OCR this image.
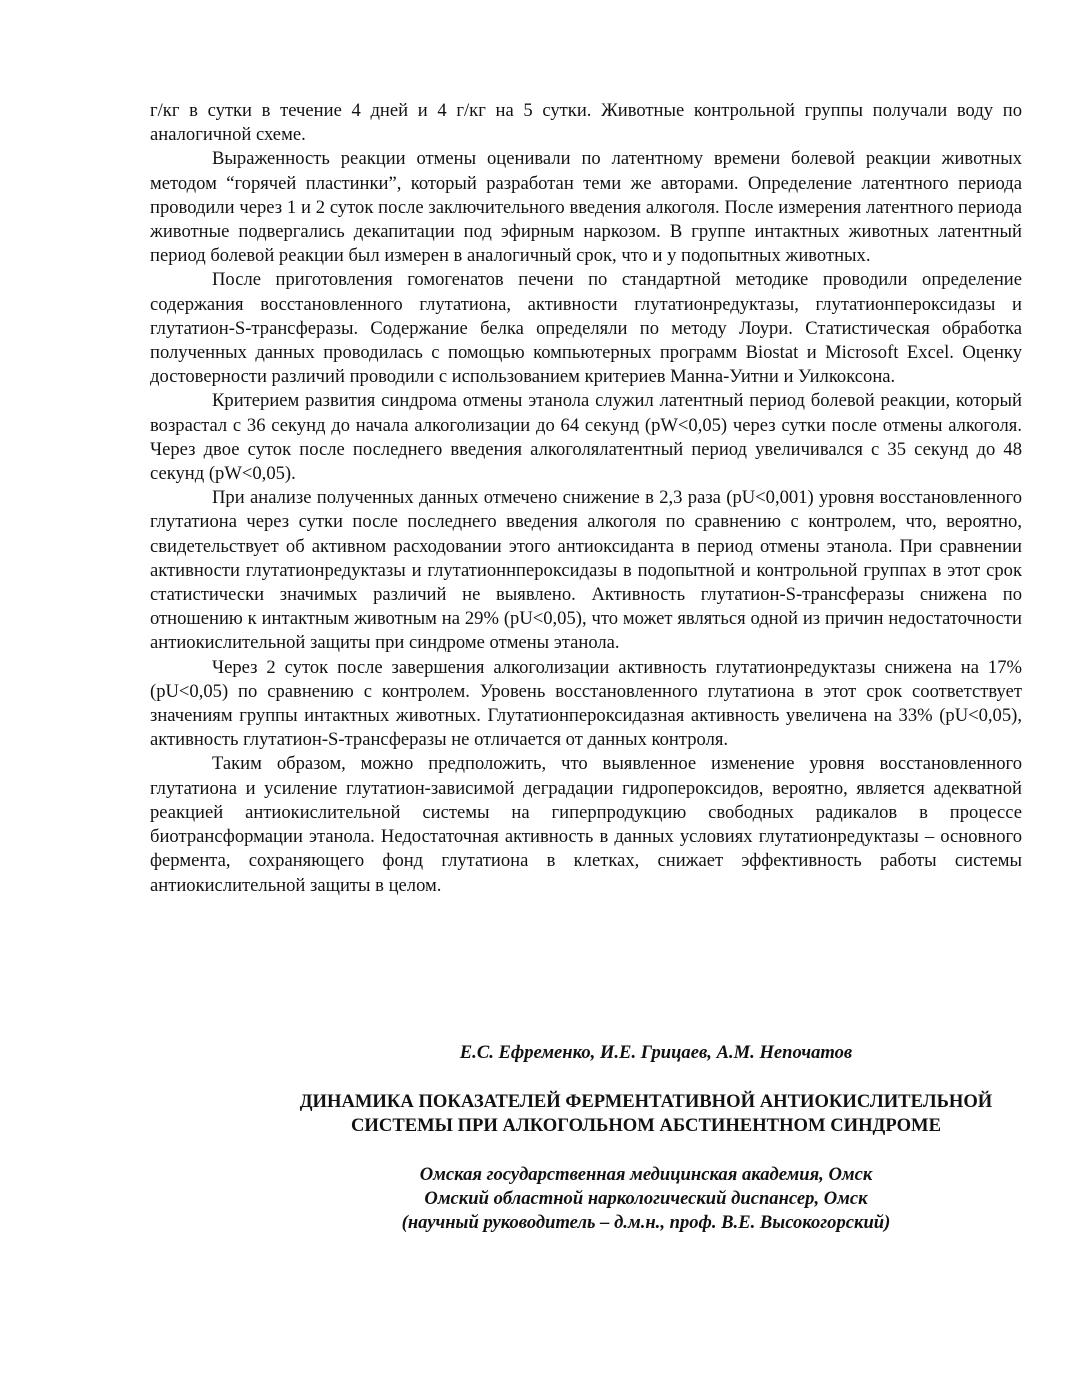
г/кг в сутки в течение 4 дней и 4 г/кг на 5 сутки. Животные контрольной группы получали воду по аналогичной схеме.

Выраженность реакции отмены оценивали по латентному времени болевой реакции животных методом “горячей пластинки”, который разработан теми же авторами. Определение латентного периода проводили через 1 и 2 суток после заключительного введения алкоголя. После измерения латентного периода животные подвергались декапитации под эфирным наркозом. В группе интактных животных латентный период болевой реакции был измерен в аналогичный срок, что и у подопытных животных.

После приготовления гомогенатов печени по стандартной методике проводили определение содержания восстановленного глутатиона, активности глутатионредуктазы, глутатионпероксидазы и глутатион-S-трансферазы. Содержание белка определяли по методу Лоури. Статистическая обработка полученных данных проводилась с помощью компьютерных программ Biostat и Microsoft Excel. Оценку достоверности различий проводили с использованием критериев Манна-Уитни и Уилкоксона.

Критерием развития синдрома отмены этанола служил латентный период болевой реакции, который возрастал с 36 секунд до начала алкоголизации до 64 секунд (pW<0,05) через сутки после отмены алкоголя. Через двое суток после последнего введения алкоголялатентный период увеличивался с 35 секунд до 48 секунд (pW<0,05).

При анализе полученных данных отмечено снижение в 2,3 раза (pU<0,001) уровня восстановленного глутатиона через сутки после последнего введения алкоголя по сравнению с контролем, что, вероятно, свидетельствует об активном расходовании этого антиоксиданта в период отмены этанола. При сравнении активности глутатионредуктазы и глутатионнпероксидазы в подопытной и контрольной группах в этот срок статистически значимых различий не выявлено. Активность глутатион-S-трансферазы снижена по отношению к интактным животным на 29% (pU<0,05), что может являться одной из причин недостаточности антиокислительной защиты при синдроме отмены этанола.

Через 2 суток после завершения алкоголизации активность глутатионредуктазы снижена на 17% (pU<0,05) по сравнению с контролем. Уровень восстановленного глутатиона в этот срок соответствует значениям группы интактных животных. Глутатионпероксидазная активность увеличена на 33% (pU<0,05), активность глутатион-S-трансферазы не отличается от данных контроля.

Таким образом, можно предположить, что выявленное изменение уровня восстановленного глутатиона и усиление глутатион-зависимой деградации гидропероксидов, вероятно, является адекватной реакцией антиокислительной системы на гиперпродукцию свободных радикалов в процессе биотрансформации этанола. Недостаточная активность в данных условиях глутатионредуктазы – основного фермента, сохраняющего фонд глутатиона в клетках, снижает эффективность работы системы антиокислительной защиты в целом.

Е.С. Ефременко, И.Е. Грицаев, А.М. Непочатов
ДИНАМИКА ПОКАЗАТЕЛЕЙ ФЕРМЕНТАТИВНОЙ АНТИОКИСЛИТЕЛЬНОЙ
СИСТЕМЫ ПРИ АЛКОГОЛЬНОМ АБСТИНЕНТНОМ СИНДРОМЕ
Омская государственная медицинская академия, Омск
Омский областной наркологический диспансер, Омск
(научный руководитель – д.м.н., проф. В.Е. Высокогорский)
